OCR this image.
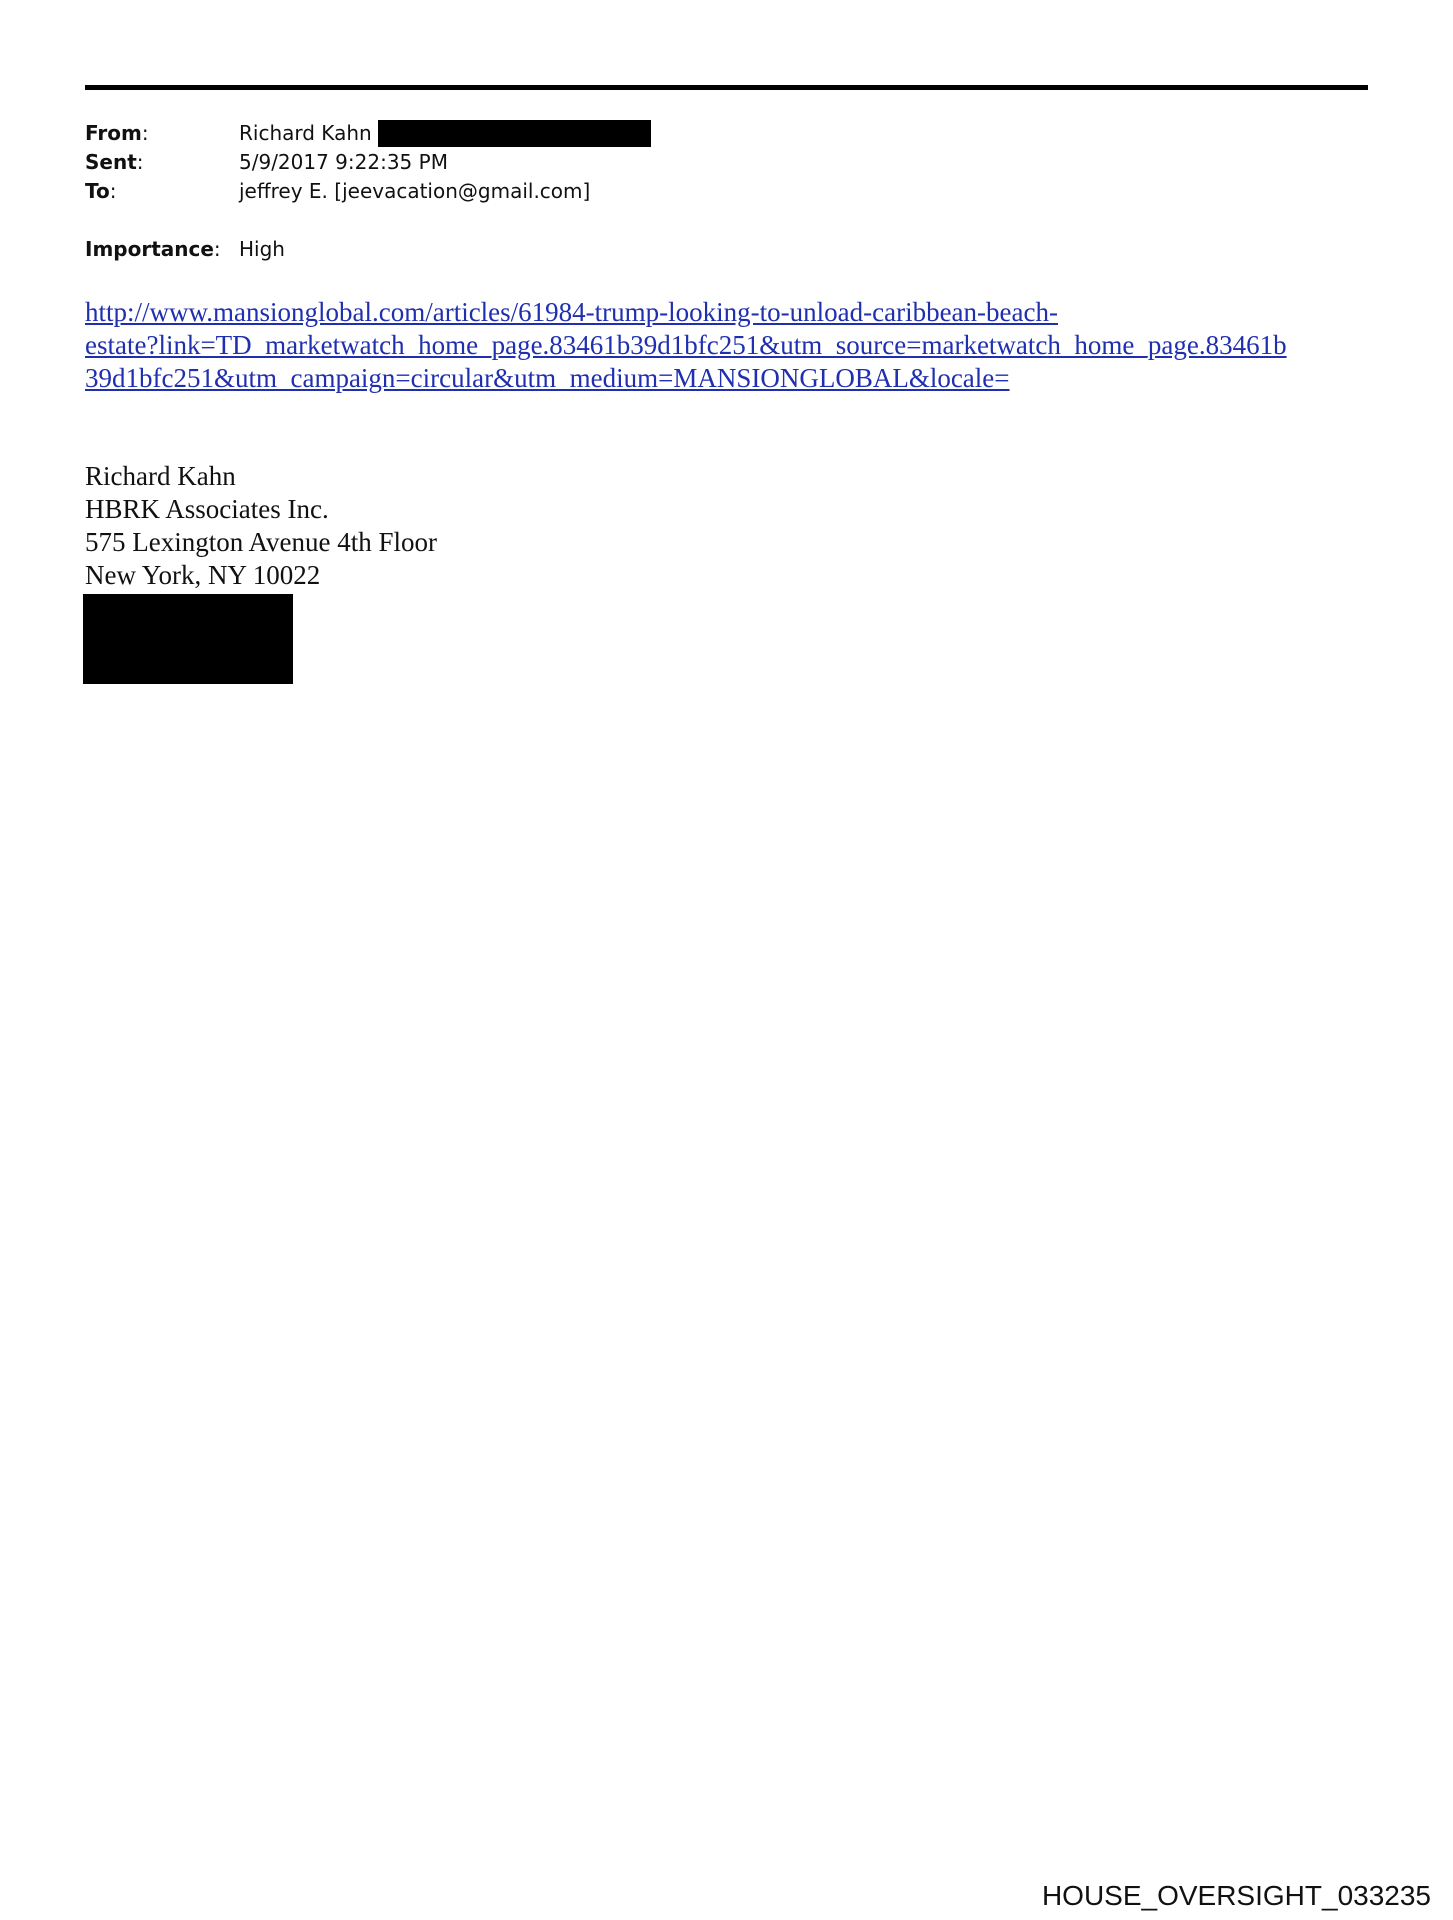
From:	Richard Kahn
Sent:	5/9/2017 9:22:35 PM
To:	jeffrey E. [jeevacation@gmail.com]
Importance: High
http://www.mansionglobal.com/articles/61984-trump-looking-to-unload-caribbean-beach-
estate?link=TD_marketwatch_home_page.83461b39d1bfc251&utm_source=marketwatch_home_page.83461b
39d1bfc251&utm_campaign=circular&utm_medium=MANSIONGLOBAL&locale=
Richard Kahn
HBRK Associates Inc.
575 Lexington Avenue 4th Floor
New York, NY 10022
HOUSE_OVERSIGHT_033235
